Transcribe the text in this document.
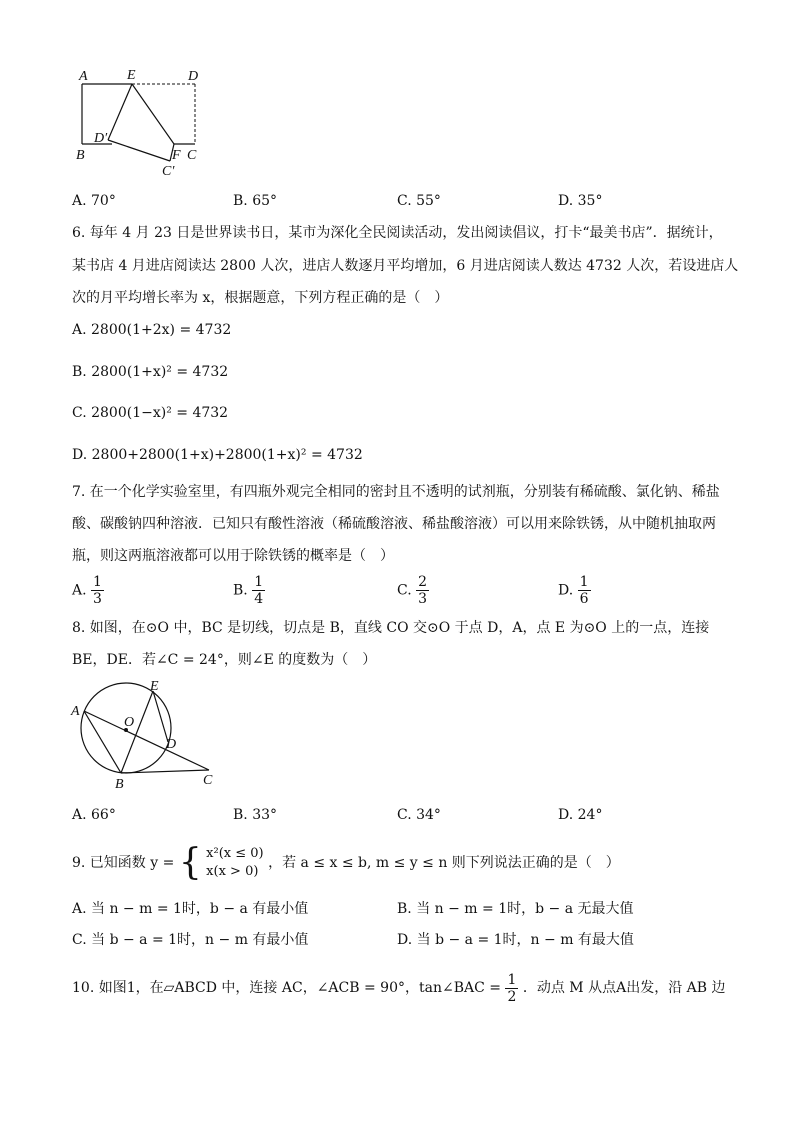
A	E	D
D′
B	F C
C′
A. 70°	B. 65°	C. 55°	D. 35°
6. 每年 4 月 23 日是世界读书日，某市为深化全民阅读活动，发出阅读倡议，打卡“最美书店”．据统计，
某书店 4 月进店阅读达 2800 人次，进店人数逐月平均增加，6 月进店阅读人数达 4732 人次，若设进店人
次的月平均增长率为 x，根据题意，下列方程正确的是（　）
A. 2800(1+2x) = 4732
B. 2800(1+x)² = 4732
C. 2800(1−x)² = 4732
D. 2800+2800(1+x)+2800(1+x)² = 4732
7. 在一个化学实验室里，有四瓶外观完全相同的密封且不透明的试剂瓶，分别装有稀硫酸、氯化钠、稀盐
酸、碳酸钠四种溶液．已知只有酸性溶液（稀硫酸溶液、稀盐酸溶液）可以用来除铁锈，从中随机抽取两
瓶，则这两瓶溶液都可以用于除铁锈的概率是（　）
A. $\frac{1}{3}$	B. $\frac{1}{4}$	C. $\frac{2}{3}$	D. $\frac{1}{6}$
8. 如图，在⊙O 中，BC 是切线，切点是 B，直线 CO 交⊙O 于点 D，A，点 E 为⊙O 上的一点，连接
BE，DE．若∠C = 24°，则∠E 的度数为（　）
A
O
E
D
B	C
A. 66°	B. 33°	C. 34°	D. 24°
9. 已知函数 y = { x²(x ≤ 0)
x(x > 0)
，若 a ≤ x ≤ b, m ≤ y ≤ n 则下列说法正确的是（　）
A. 当 n − m = 1时，b − a 有最小值	B. 当 n − m = 1时，b − a 无最大值
C. 当 b − a = 1时，n − m 有最小值	D. 当 b − a = 1时，n − m 有最大值
10. 如图1，在▱ABCD 中，连接 AC，∠ACB = 90°，tan∠BAC = $\frac{1}{2}$ ．动点 M 从点A出发，沿 AB 边
